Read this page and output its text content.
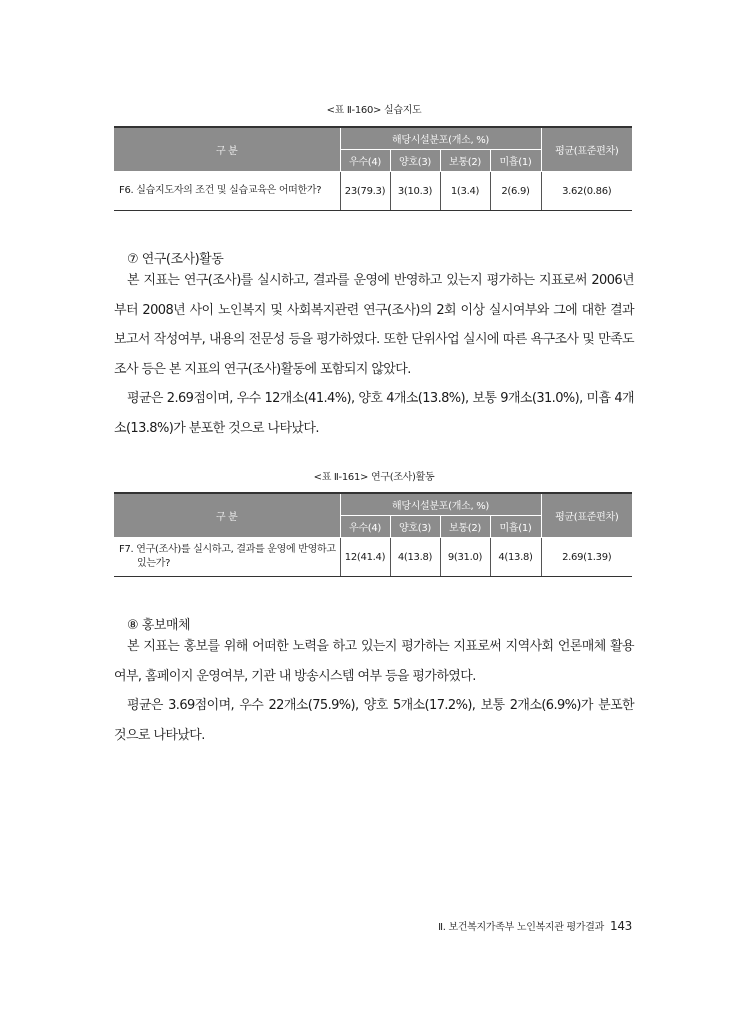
<표 Ⅱ-160> 실습지도
구 분	해당시설분포(개소, %)				평균(표준편차)
	우수(4)	양호(3)	보통(2)	미흡(1)	

F6. 실습지도자의 조건 및 실습교육은 어떠한가?	23(79.3)	3(10.3)	1(3.4)	2(6.9)	3.62(0.86)
⑦ 연구(조사)활동

본 지표는 연구(조사)를 실시하고, 결과를 운영에 반영하고 있는지 평가하는 지표로써 2006년부터 2008년 사이 노인복지 및 사회복지관련 연구(조사)의 2회 이상 실시여부와 그에 대한 결과보고서 작성여부, 내용의 전문성 등을 평가하였다. 또한 단위사업 실시에 따른 욕구조사 및 만족도 조사 등은 본 지표의 연구(조사)활동에 포함되지 않았다.
평균은 2.69점이며, 우수 12개소(41.4%), 양호 4개소(13.8%), 보통 9개소(31.0%), 미흡 4개소(13.8%)가 분포한 것으로 나타났다.

<표 Ⅱ-161> 연구(조사)활동
구 분	해당시설분포(개소, %)				평균(표준편차)
	우수(4)	양호(3)	보통(2)	미흡(1)	

F7. 연구(조사)를 실시하고, 결과를 운영에 반영하고 있는가?	12(41.4)	4(13.8)	9(31.0)	4(13.8)	2.69(1.39)
⑧ 홍보매체

본 지표는 홍보를 위해 어떠한 노력을 하고 있는지 평가하는 지표로써 지역사회 언론매체 활용여부, 홈페이지 운영여부, 기관 내 방송시스템 여부 등을 평가하였다.
평균은 3.69점이며, 우수 22개소(75.9%), 양호 5개소(17.2%), 보통 2개소(6.9%)가 분포한 것으로 나타났다.

Ⅱ. 보건복지가족부 노인복지관 평가결과 143
